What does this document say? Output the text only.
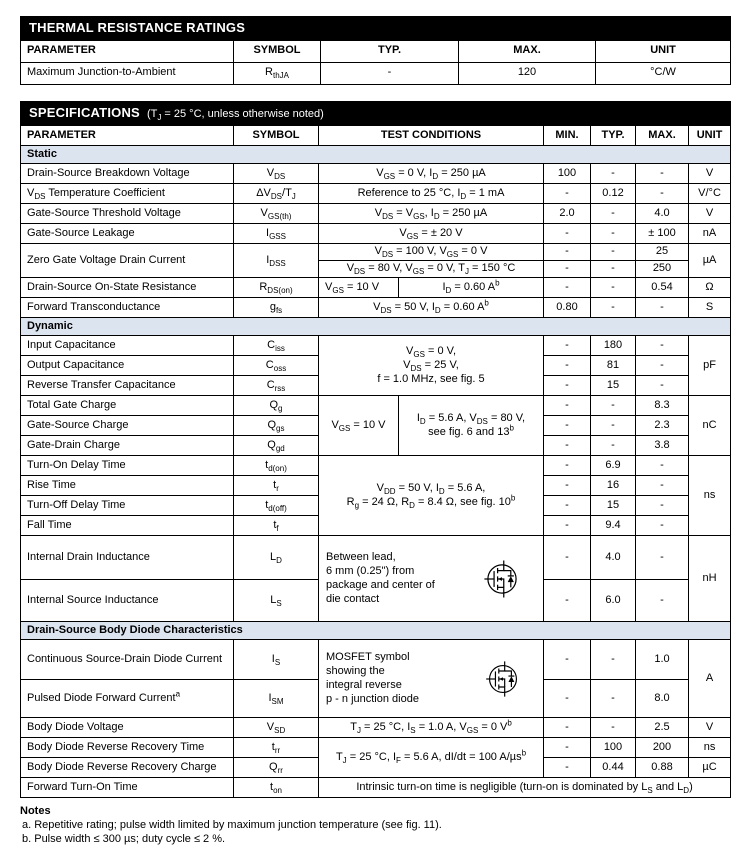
THERMAL RESISTANCE RATINGS				
PARAMETER	SYMBOL	TYP.	MAX.	UNIT
Maximum Junction-to-Ambient	$R_{thJA}$	-	120	°C/W
SPECIFICATIONS ($T_J = 25$ °C, unless otherwise noted)							
PARAMETER	SYMBOL	TEST CONDITIONS		MIN.	TYP.	MAX.	UNIT
Static							
Drain-Source Breakdown Voltage	$V_{DS}$	$V_{GS} = 0$ V, $I_D = 250$ µA		100	-	-	V
$V_{DS}$ Temperature Coefficient	$\Delta V_{DS}/T_J$	Reference to 25 °C, $I_D = 1$ mA		-	0.12	-	V/°C
Gate-Source Threshold Voltage	$V_{GS(th)}$	$V_{DS} = V_{GS}$, $I_D = 250$ µA		2.0	-	4.0	V
Gate-Source Leakage	$I_{GSS}$	$V_{GS}$ = ± 20 V		-	-	± 100	nA
Zero Gate Voltage Drain Current	$I_{DSS}$	$V_{DS} = 100$ V, $V_{GS} = 0$ V		-	-	25	µA
		$V_{DS} = 80$ V, $V_{GS} = 0$ V, $T_J = 150$ °C		-	-	250	
Drain-Source On-State Resistance	$R_{DS(on)}$	$V_{GS} = 10$ V	$I_D = 0.60$ $A^b$	-	-	0.54	Ω
Forward Transconductance	$g_{fs}$	$V_{DS} = 50$ V, $I_D = 0.60$ $A^b$		0.80	-	-	S
Dynamic							
Input Capacitance	$C_{iss}$	$V_{GS} = 0$ V,
$V_{DS} = 25$ V,
f = 1.0 MHz, see fig. 5		-	180	-	pF
Output Capacitance	$C_{oss}$			-	81	-	
Reverse Transfer Capacitance	$C_{rss}$			-	15	-	
Total Gate Charge	$Q_g$	$V_{GS} = 10$ V	$I_D = 5.6$ A, $V_{DS} = 80$ V,
see fig. 6 and 13$^b$	-	-	8.3	nC
Gate-Source Charge	$Q_{gs}$			-	-	2.3	
Gate-Drain Charge	$Q_{gd}$			-	-	3.8	
Turn-On Delay Time	$t_{d(on)}$	$V_{DD} = 50$ V, $I_D = 5.6$ A,
$R_g = 24$ Ω, $R_D = 8.4$ Ω, see fig. 10$^b$		-	6.9	-	ns
Rise Time	$t_r$			-	16	-	
Turn-Off Delay Time	$t_{d(off)}$			-	15	-	
Fall Time	$t_f$			-	9.4	-	
Internal Drain Inductance	$L_D$	Between lead,
6 mm (0.25") from
package and center of
die contact		-	4.0	-	nH
Internal Source Inductance	$L_S$			-	6.0	-	
Drain-Source Body Diode Characteristics							
Continuous Source-Drain Diode Current	$I_S$	MOSFET symbol
showing the
integral reverse
p - n junction diode		-	-	1.0	A
Pulsed Diode Forward Current$^a$	$I_{SM}$			-	-	8.0	
Body Diode Voltage	$V_{SD}$	$T_J = 25$ °C, $I_S = 1.0$ A, $V_{GS} = 0$ $V^b$		-	-	2.5	V
Body Diode Reverse Recovery Time	$t_{rr}$	$T_J = 25$ °C, $I_F = 5.6$ A, dI/dt = 100 A/µs$^b$		-	100	200	ns
Body Diode Reverse Recovery Charge	$Q_{rr}$			-	0.44	0.88	µC
Forward Turn-On Time	$t_{on}$	Intrinsic turn-on time is negligible (turn-on is dominated by $L_S$ and $L_D$)					
Notes
a. Repetitive rating; pulse width limited by maximum junction temperature (see fig. 11).
b. Pulse width ≤ 300 µs; duty cycle ≤ 2 %.
